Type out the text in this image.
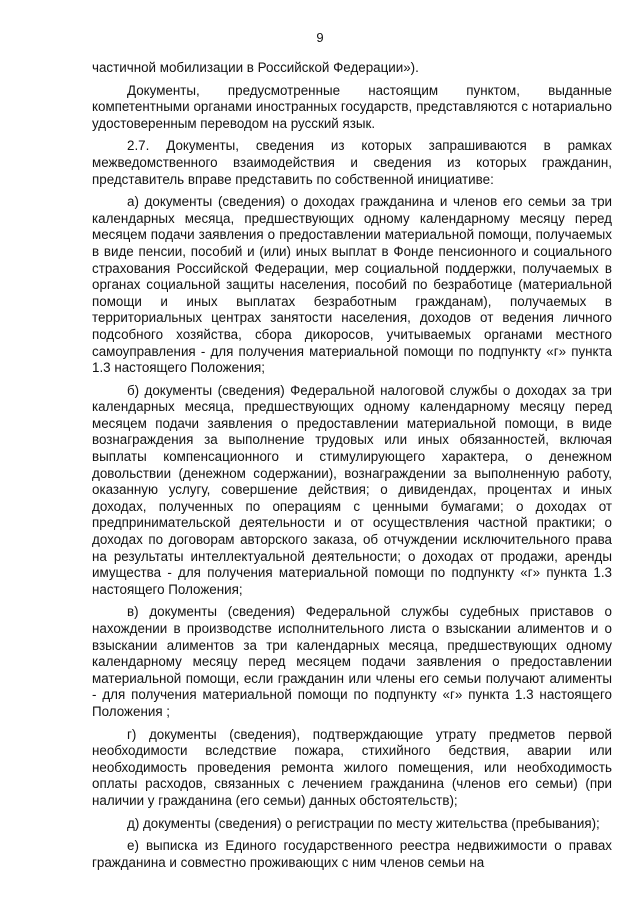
9

частичной мобилизации в Российской Федерации»).

Документы, предусмотренные настоящим пунктом, выданные компетентными органами иностранных государств, представляются с нотариально удостоверенным переводом на русский язык.

2.7. Документы, сведения из которых запрашиваются в рамках межведомственного взаимодействия и сведения из которых гражданин, представитель вправе представить по собственной инициативе:

а) документы (сведения) о доходах гражданина и членов его семьи за три календарных месяца, предшествующих одному календарному месяцу перед месяцем подачи заявления о предоставлении материальной помощи, получаемых в виде пенсии, пособий и (или) иных выплат в Фонде пенсионного и социального страхования Российской Федерации, мер социальной поддержки, получаемых в органах социальной защиты населения, пособий по безработице (материальной помощи и иных выплатах безработным гражданам), получаемых в территориальных центрах занятости населения, доходов от ведения личного подсобного хозяйства, сбора дикоросов, учитываемых органами местного самоуправления - для получения материальной помощи по подпункту «г» пункта 1.3 настоящего Положения;

б) документы (сведения) Федеральной налоговой службы о доходах за три календарных месяца, предшествующих одному календарному месяцу перед месяцем подачи заявления о предоставлении материальной помощи, в виде вознаграждения за выполнение трудовых или иных обязанностей, включая выплаты компенсационного и стимулирующего характера, о денежном довольствии (денежном содержании), вознаграждении за выполненную работу, оказанную услугу, совершение действия; о дивидендах, процентах и иных доходах, полученных по операциям с ценными бумагами; о доходах от предпринимательской деятельности и от осуществления частной практики; о доходах по договорам авторского заказа, об отчуждении исключительного права на результаты интеллектуальной деятельности; о доходах от продажи, аренды имущества - для получения материальной помощи по подпункту «г» пункта 1.3 настоящего Положения;

в) документы (сведения) Федеральной службы судебных приставов о нахождении в производстве исполнительного листа о взыскании алиментов и о взыскании алиментов за три календарных месяца, предшествующих одному календарному месяцу перед месяцем подачи заявления о предоставлении материальной помощи, если гражданин или члены его семьи получают алименты - для получения материальной помощи по подпункту «г» пункта 1.3 настоящего Положения ;

г) документы (сведения), подтверждающие утрату предметов первой необходимости вследствие пожара, стихийного бедствия, аварии или необходимость проведения ремонта жилого помещения, или необходимость оплаты расходов, связанных с лечением гражданина (членов его семьи) (при наличии у гражданина (его семьи) данных обстоятельств);

д) документы (сведения) о регистрации по месту жительства (пребывания);

е) выписка из Единого государственного реестра недвижимости о правах гражданина и совместно проживающих с ним членов семьи на
